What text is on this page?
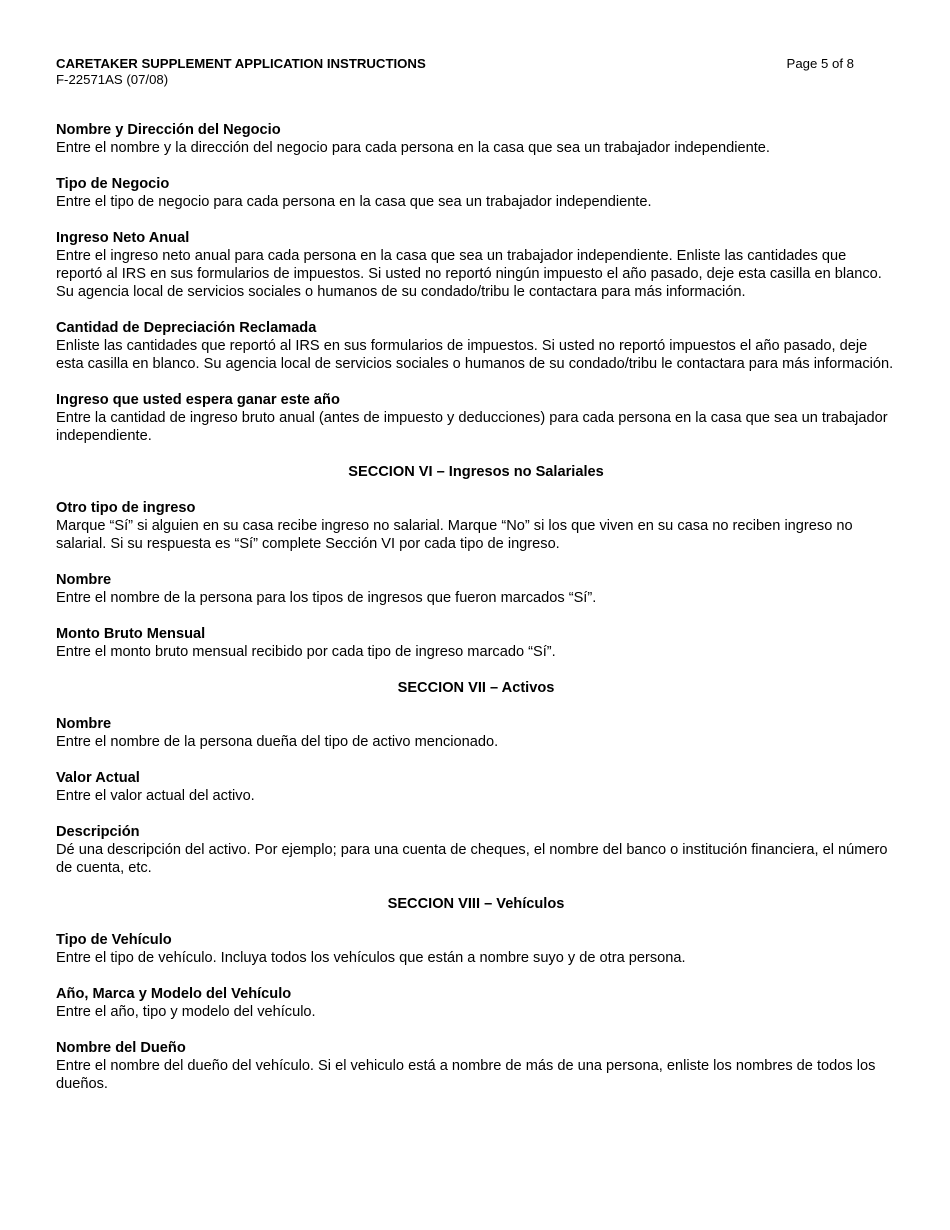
CARETAKER SUPPLEMENT APPLICATION INSTRUCTIONS
F-22571AS (07/08)
Page 5 of 8
Nombre y Dirección del Negocio
Entre el nombre y la dirección del negocio para cada persona en la casa que sea un trabajador independiente.
Tipo de Negocio
Entre el tipo de negocio para cada persona en la casa que sea un trabajador independiente.
Ingreso Neto Anual
Entre el ingreso neto anual para cada persona en la casa que sea un trabajador independiente. Enliste las cantidades que reportó al IRS en sus formularios de impuestos. Si usted no reportó ningún impuesto el año pasado, deje esta casilla en blanco. Su agencia local de servicios sociales o humanos de su condado/tribu le contactara para más información.
Cantidad de Depreciación Reclamada
Enliste las cantidades que reportó al IRS en sus formularios de impuestos. Si usted no reportó impuestos el año pasado, deje esta casilla en blanco. Su agencia local de servicios sociales o humanos de su condado/tribu le contactara para más información.
Ingreso que usted espera ganar este año
Entre la cantidad de ingreso bruto anual (antes de impuesto y deducciones) para cada persona en la casa que sea un trabajador independiente.
SECCION VI – Ingresos no Salariales
Otro tipo de ingreso
Marque “Sí” si alguien en su casa recibe ingreso no salarial. Marque “No” si los que viven en su casa no reciben ingreso no salarial. Si su respuesta es “Sí” complete Sección VI por cada tipo de ingreso.
Nombre
Entre el nombre de la persona para los tipos de ingresos que fueron marcados “Sí”.
Monto Bruto Mensual
Entre el monto bruto mensual recibido por cada tipo de ingreso marcado “Sí”.
SECCION VII – Activos
Nombre
Entre el nombre de la persona dueña del tipo de activo mencionado.
Valor Actual
Entre el valor actual del activo.
Descripción
Dé una descripción del activo. Por ejemplo; para una cuenta de cheques, el nombre del banco o institución financiera, el número de cuenta, etc.
SECCION VIII – Vehículos
Tipo de Vehículo
Entre el tipo de vehículo. Incluya todos los vehículos que están a nombre suyo y de otra persona.
Año, Marca y Modelo del Vehículo
Entre el año, tipo y modelo del vehículo.
Nombre del Dueño
Entre el nombre del dueño del vehículo. Si el vehiculo está a nombre de más de una persona, enliste los nombres de todos los dueños.
